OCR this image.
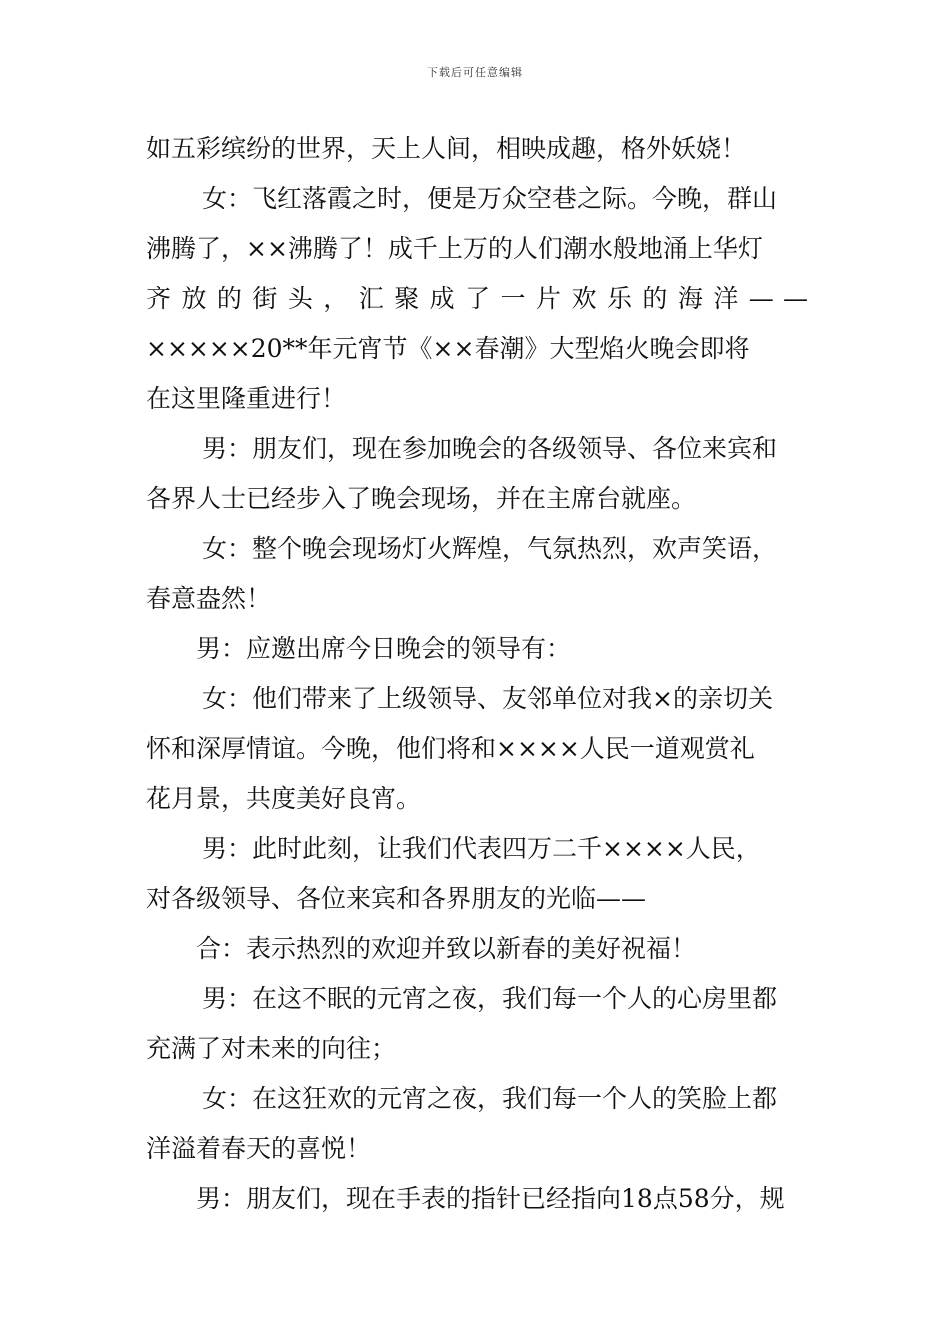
下载后可任意编辑
如五彩缤纷的世界，天上人间，相映成趣，格外妖娆！
女：飞红落霞之时，便是万众空巷之际。今晚，群山
沸腾了，××沸腾了！成千上万的人们潮水般地涌上华灯
齐 放 的 街 头 ， 汇 聚 成 了 一 片 欢 乐 的 海 洋 — —
×××××20**年元宵节《××春潮》大型焰火晚会即将
在这里隆重进行！
男：朋友们，现在参加晚会的各级领导、各位来宾和
各界人士已经步入了晚会现场，并在主席台就座。
女：整个晚会现场灯火辉煌，气氛热烈，欢声笑语，
春意盎然！
男：应邀出席今日晚会的领导有：
女：他们带来了上级领导、友邻单位对我×的亲切关
怀和深厚情谊。今晚，他们将和××××人民一道观赏礼
花月景，共度美好良宵。
男：此时此刻，让我们代表四万二千××××人民，
对各级领导、各位来宾和各界朋友的光临——
合：表示热烈的欢迎并致以新春的美好祝福！
男：在这不眠的元宵之夜，我们每一个人的心房里都
充满了对未来的向往；
女：在这狂欢的元宵之夜，我们每一个人的笑脸上都
洋溢着春天的喜悦！
男：朋友们，现在手表的指针已经指向18点58分，规
